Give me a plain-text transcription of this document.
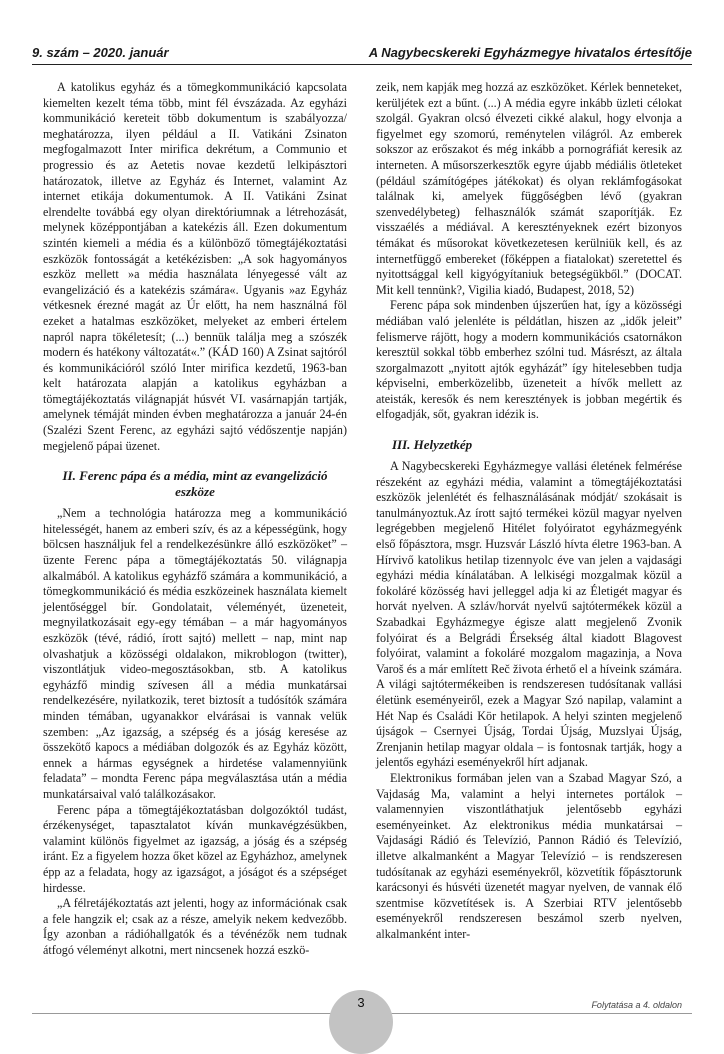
9. szám – 2020. január	A Nagybecskereki Egyházmegye hivatalos értesítője

A katolikus egyház és a tömegkommunikáció kapcsolata kiemelten kezelt téma több, mint fél évszázada. Az egyházi kommunikáció kereteit több dokumentum is szabályozza/ meghatározza, ilyen például a II. Vatikáni Zsinaton megfogalmazott Inter mirifica dekrétum, a Communio et progressio és az Aetetis novae kezdetű lelkipásztori határozatok, illetve az Egyház és Internet, valamint Az internet etikája dokumentumok. A II. Vatikáni Zsinat elrendelte továbbá egy olyan direktóriumnak a létrehozását, melynek középpontjában a katekézis áll. Ezen dokumentum szintén kiemeli a média és a különböző tömegtájékoztatási eszközök fontosságát a ketékézisben: „A sok hagyományos eszköz mellett »a média használata lényegessé vált az evangelizáció és a katekézis számára«. Ugyanis »az Egyház vétkesnek érezné magát az Úr előtt, ha nem használná föl ezeket a hatalmas eszközöket, melyeket az emberi értelem napról napra tökéletesít; (...) bennük találja meg a szószék modern és hatékony változatát«.” (KÁD 160) A Zsinat sajtóról és kommunikációról szóló Inter mirifica kezdetű, 1963-ban kelt határozata alapján a katolikus egyházban a tömegtájékoztatás világnapját húsvét VI. vasárnapján tartják, amelynek témáját minden évben meghatározza a január 24-én (Szalézi Szent Ferenc, az egyházi sajtó védőszentje napján) megjelenő pápai üzenet.

II. Ferenc pápa és a média, mint az evangelizáció eszköze

„Nem a technológia határozza meg a kommunikáció hitelességét, hanem az emberi szív, és az a képességünk, hogy bölcsen használjuk fel a rendelkezésünkre álló eszközöket” – üzente Ferenc pápa a tömegtájékoztatás 50. világnapja alkalmából. A katolikus egyházfő számára a kommunikáció, a tömegkommunikáció és média eszközeinek használata kiemelt jelentőséggel bír. Gondolatait, véleményét, üzeneteit, megnyilatkozásait egy-egy témában – a már hagyományos eszközök (tévé, rádió, írott sajtó) mellett – nap, mint nap olvashatjuk a közösségi oldalakon, mikroblogon (twitter), viszontlátjuk video-megosztásokban, stb. A katolikus egyházfő mindig szívesen áll a média munkatársai rendelkezésére, nyilatkozik, teret biztosít a tudósítók számára minden témában, ugyanakkor elvárásai is vannak velük szemben: „Az igazság, a szépség és a jóság keresése az összekötő kapocs a médiában dolgozók és az Egyház között, ennek a hármas egységnek a hirdetése valamennyiünk feladata” – mondta Ferenc pápa megválasztása után a média munkatársaival való találkozásakor.

Ferenc pápa a tömegtájékoztatásban dolgozóktól tudást, érzékenységet, tapasztalatot kíván munkavégzésükben, valamint különös figyelmet az igazság, a jóság és a szépség iránt. Ez a figyelem hozza őket közel az Egyházhoz, amelynek épp az a feladata, hogy az igazságot, a jóságot és a szépséget hirdesse.

„A félretájékoztatás azt jelenti, hogy az információnak csak a fele hangzik el; csak az a része, amelyik nekem kedvezőbb. Így azonban a rádióhallgatók és a tévénézők nem tudnak átfogó véleményt alkotni, mert nincsenek hozzá eszkö-

zeik, nem kapják meg hozzá az eszközöket. Kérlek benneteket, kerüljétek ezt a bűnt. (...) A média egyre inkább üzleti célokat szolgál. Gyakran olcsó élvezeti cikké alakul, hogy elvonja a figyelmet egy szomorú, reménytelen világról. Az emberek sokszor az erőszakot és még inkább a pornográfiát keresik az interneten. A műsorszerkesztők egyre újabb médiális ötleteket (például számítógépes játékokat) és olyan reklámfogásokat találnak ki, amelyek függőségben lévő (gyakran szenvedélybeteg) felhasználók számát szaporítják. Ez visszaélés a médiával. A keresztényeknek ezért bizonyos témákat és műsorokat következetesen kerülniük kell, és az internetfüggő embereket (főképpen a fiatalokat) szeretettel és nyitottsággal kell kigyógyítaniuk betegségükből.” (DOCAT. Mit kell tennünk?, Vigilia kiadó, Budapest, 2018, 52)

Ferenc pápa sok mindenben újszerűen hat, így a közösségi médiában való jelenléte is példátlan, hiszen az „idők jeleit” felismerve rájött, hogy a modern kommunikációs csatornákon keresztül sokkal több emberhez szólni tud. Másrészt, az általa szorgalmazott „nyitott ajtók egyházát” így hitelesebben tudja képviselni, emberközelibb, üzeneteit a hívők mellett az ateisták, keresők és nem keresztények is jobban megértik és elfogadják, sőt, gyakran idézik is.

III. Helyzetkép

A Nagybecskereki Egyházmegye vallási életének felmérése részeként az egyházi média, valamint a tömegtájékoztatási eszközök jelenlétét és felhasználásának módját/ szokásait is tanulmányoztuk.Az írott sajtó termékei közül magyar nyelven legrégebben megjelenő Hitélet folyóiratot egyházmegyénk első főpásztora, msgr. Huzsvár László hívta életre 1963-ban. A Hírvivő katolikus hetilap tizennyolc éve van jelen a vajdasági egyházi média kínálatában. A lelkiségi mozgalmak közül a fokoláré közösség havi jelleggel adja ki az Életigét magyar és horvát nyelven. A szláv/horvát nyelvű sajtótermékek közül a Szabadkai Egyházmegye égisze alatt megjelenő Zvonik folyóirat és a Belgrádi Érsekség által kiadott Blagovest folyóirat, valamint a fokoláré mozgalom magazinja, a Nova Varoš és a már említett Reč života érhető el a híveink számára. A világi sajtótermékeiben is rendszeresen tudósítanak vallási életünk eseményeiről, ezek a Magyar Szó napilap, valamint a Hét Nap és Családi Kör hetilapok. A helyi szinten megjelenő újságok – Csernyei Újság, Tordai Újság, Muzslyai Újság, Zrenjanin hetilap magyar oldala – is fontosnak tartják, hogy a jelentős egyházi eseményekről hírt adjanak.

Elektronikus formában jelen van a Szabad Magyar Szó, a Vajdaság Ma, valamint a helyi internetes portálok – valamennyien viszontláthatjuk jelentősebb egyházi eseményeinket. Az elektronikus média munkatársai – Vajdasági Rádió és Televízió, Pannon Rádió és Televízió, illetve alkalmanként a Magyar Televízió – is rendszeresen tudósítanak az egyházi eseményekről, közvetítik főpásztorunk karácsonyi és húsvéti üzenetét magyar nyelven, de vannak élő szentmise közvetítések is. A Szerbiai RTV jelentősebb eseményekről rendszeresen beszámol szerb nyelven, alkalmanként inter-

Folytatása a 4. oldalon
3
